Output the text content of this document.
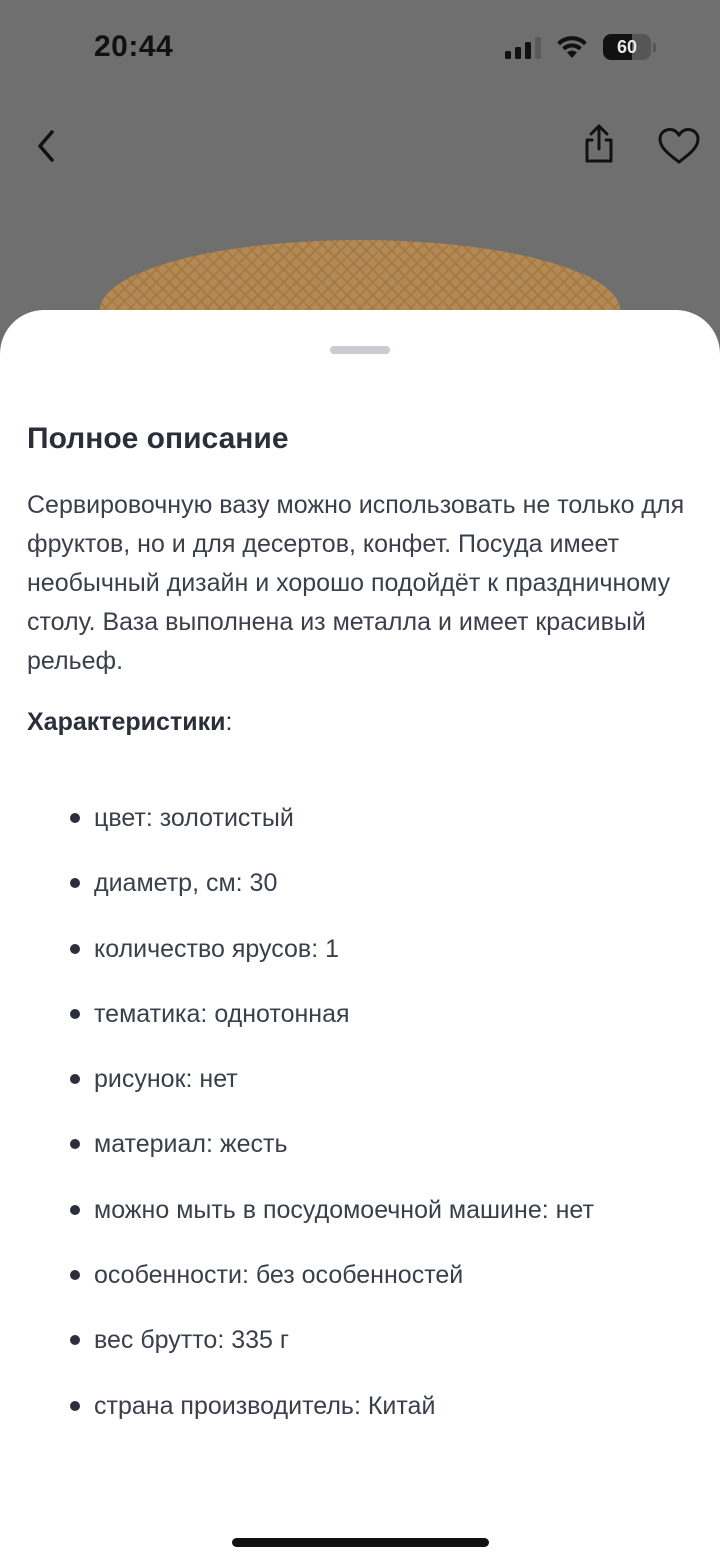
20:44	60
Полное описание

Сервировочную вазу можно использовать не только для фруктов, но и для десертов, конфет. Посуда имеет необычный дизайн и хорошо подойдёт к праздничному столу. Ваза выполнена из металла и имеет красивый рельеф.

Характеристики:
цвет: золотистый
диаметр, см: 30
количество ярусов: 1
тематика: однотонная
рисунок: нет
материал: жесть
можно мыть в посудомоечной машине: нет
особенности: без особенностей
вес брутто: 335 г
страна производитель: Китай
